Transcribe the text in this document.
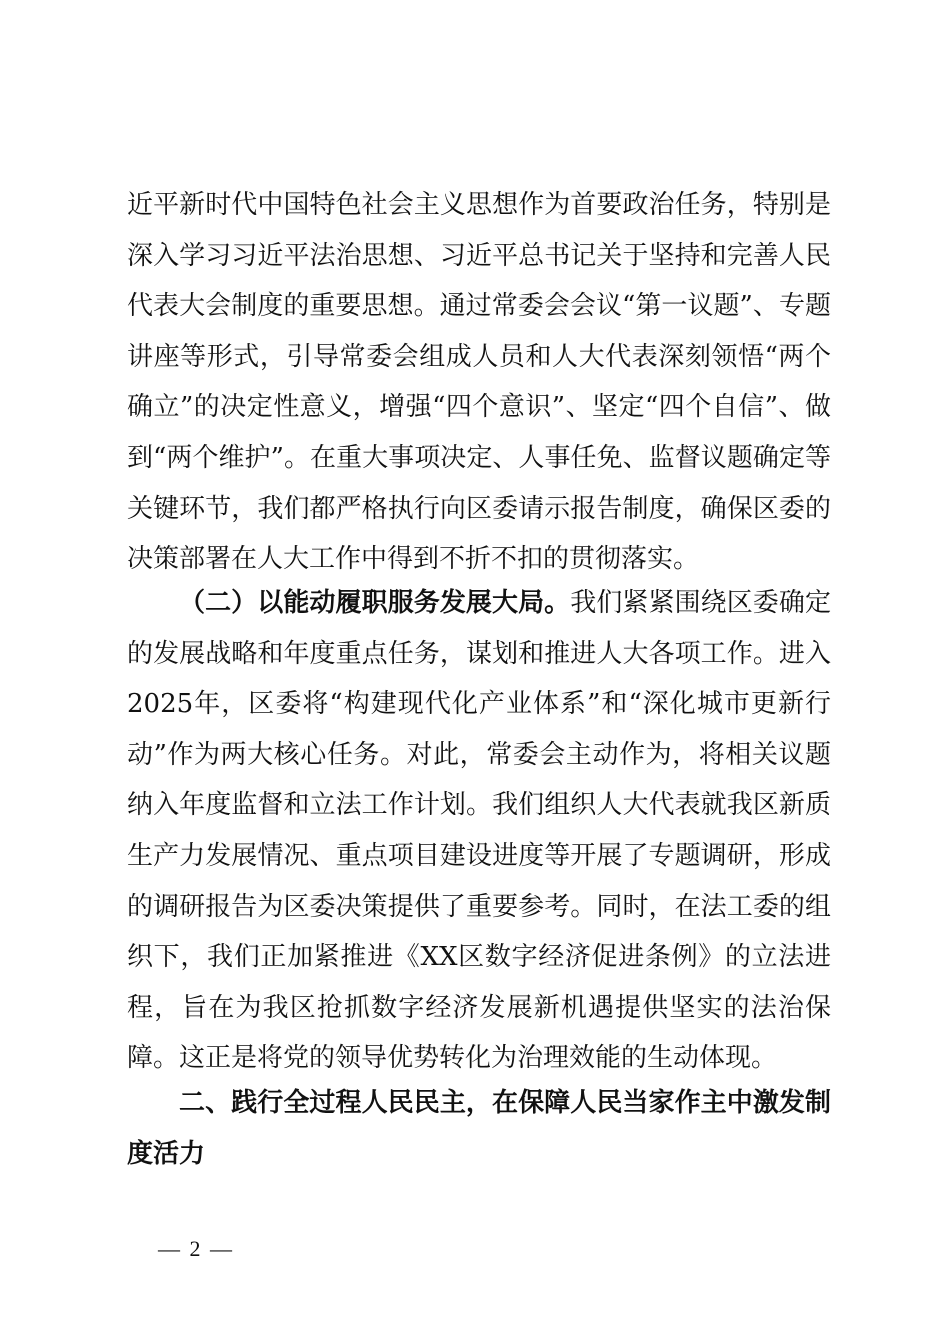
近平新时代中国特色社会主义思想作为首要政治任务，特别是深入学习习近平法治思想、习近平总书记关于坚持和完善人民代表大会制度的重要思想。通过常委会会议“第一议题”、专题讲座等形式，引导常委会组成人员和人大代表深刻领悟“两个确立”的决定性意义，增强“四个意识”、坚定“四个自信”、做到“两个维护”。在重大事项决定、人事任免、监督议题确定等关键环节，我们都严格执行向区委请示报告制度，确保区委的决策部署在人大工作中得到不折不扣的贯彻落实。

（二）以能动履职服务发展大局。我们紧紧围绕区委确定的发展战略和年度重点任务，谋划和推进人大各项工作。进入2025年，区委将“构建现代化产业体系”和“深化城市更新行动”作为两大核心任务。对此，常委会主动作为，将相关议题纳入年度监督和立法工作计划。我们组织人大代表就我区新质生产力发展情况、重点项目建设进度等开展了专题调研，形成的调研报告为区委决策提供了重要参考。同时，在法工委的组织下，我们正加紧推进《XX区数字经济促进条例》的立法进程，旨在为我区抢抓数字经济发展新机遇提供坚实的法治保障。这正是将党的领导优势转化为治理效能的生动体现。

二、践行全过程人民民主，在保障人民当家作主中激发制度活力

— 2 —
